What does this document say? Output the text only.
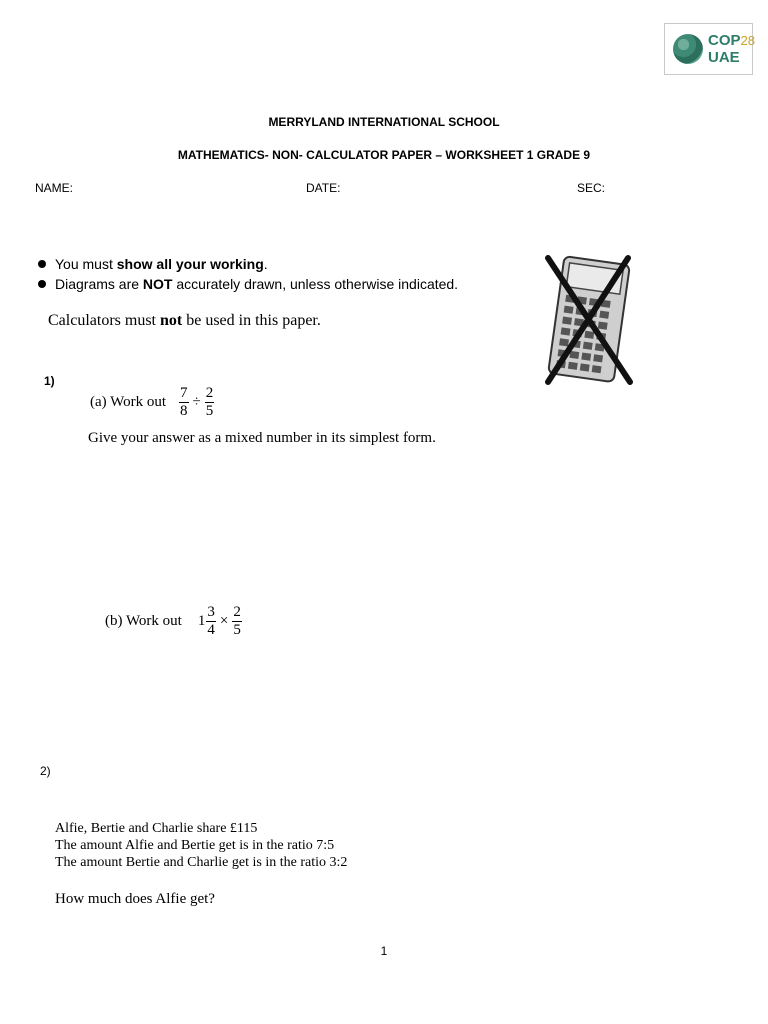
COP28
UAE
MERRYLAND INTERNATIONAL SCHOOL
MATHEMATICS- NON- CALCULATOR PAPER – WORKSHEET 1 GRADE 9
NAME:	DATE:	SEC:
You must show all your working.
Diagrams are NOT accurately drawn, unless otherwise indicated.
Calculators must not be used in this paper.
1)
(a) Work out $\frac{7}{8} \div \frac{2}{5}$
Give your answer as a mixed number in its simplest form.
(b) Work out $1 \frac{3}{4} \times \frac{2}{5}$
2)
Alfie, Bertie and Charlie share £115
The amount Alfie and Bertie get is in the ratio 7:5
The amount Bertie and Charlie get is in the ratio 3:2
How much does Alfie get?
1
